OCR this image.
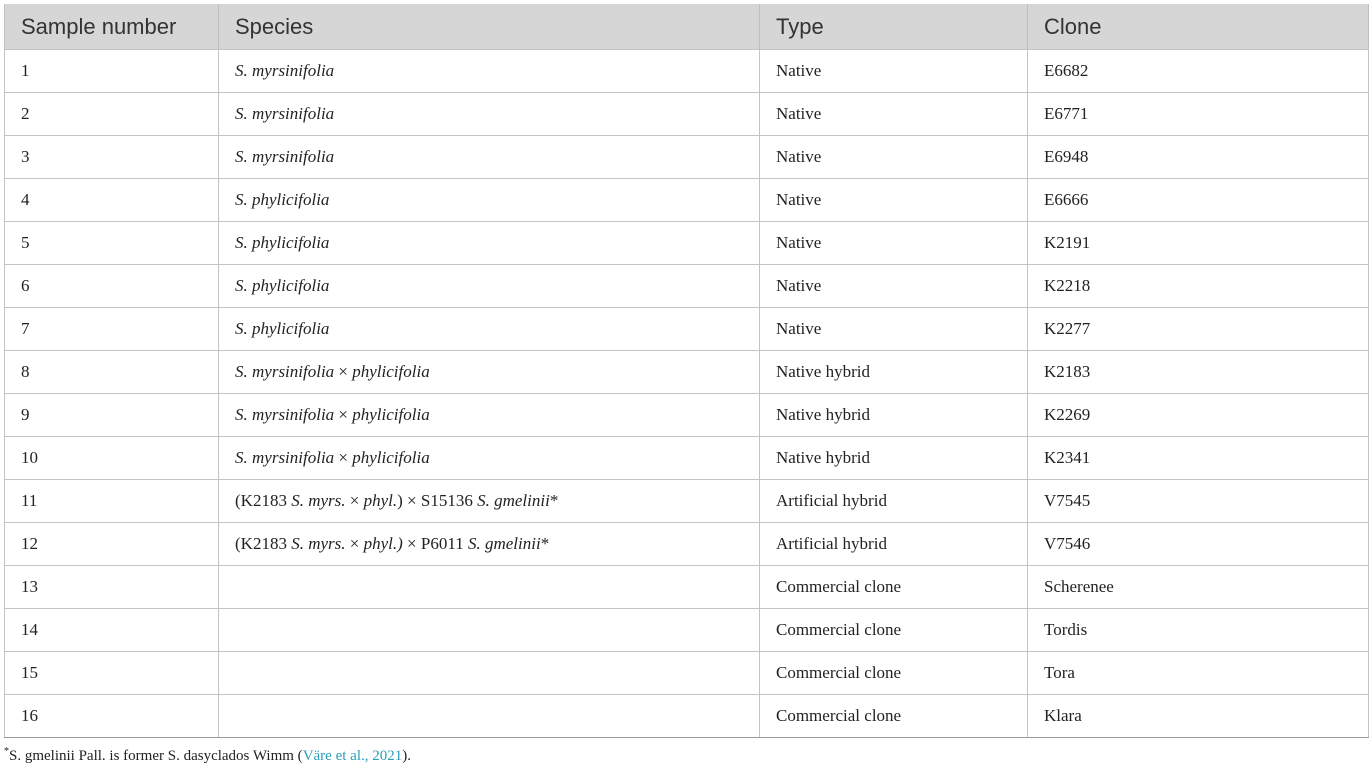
Sample number	Species	Type	Clone
1	S. myrsinifolia	Native	E6682
2	S. myrsinifolia	Native	E6771
3	S. myrsinifolia	Native	E6948
4	S. phylicifolia	Native	E6666
5	S. phylicifolia	Native	K2191
6	S. phylicifolia	Native	K2218
7	S. phylicifolia	Native	K2277
8	S. myrsinifolia × phylicifolia	Native hybrid	K2183
9	S. myrsinifolia × phylicifolia	Native hybrid	K2269
10	S. myrsinifolia × phylicifolia	Native hybrid	K2341
11	(K2183 S. myrs. × phyl.) × S15136 S. gmelinii*	Artificial hybrid	V7545
12	(K2183 S. myrs. × phyl.) × P6011 S. gmelinii*	Artificial hybrid	V7546
13		Commercial clone	Scherenee
14		Commercial clone	Tordis
15		Commercial clone	Tora
16		Commercial clone	Klara
*S. gmelinii Pall. is former S. dasyclados Wimm (Väre et al., 2021).
